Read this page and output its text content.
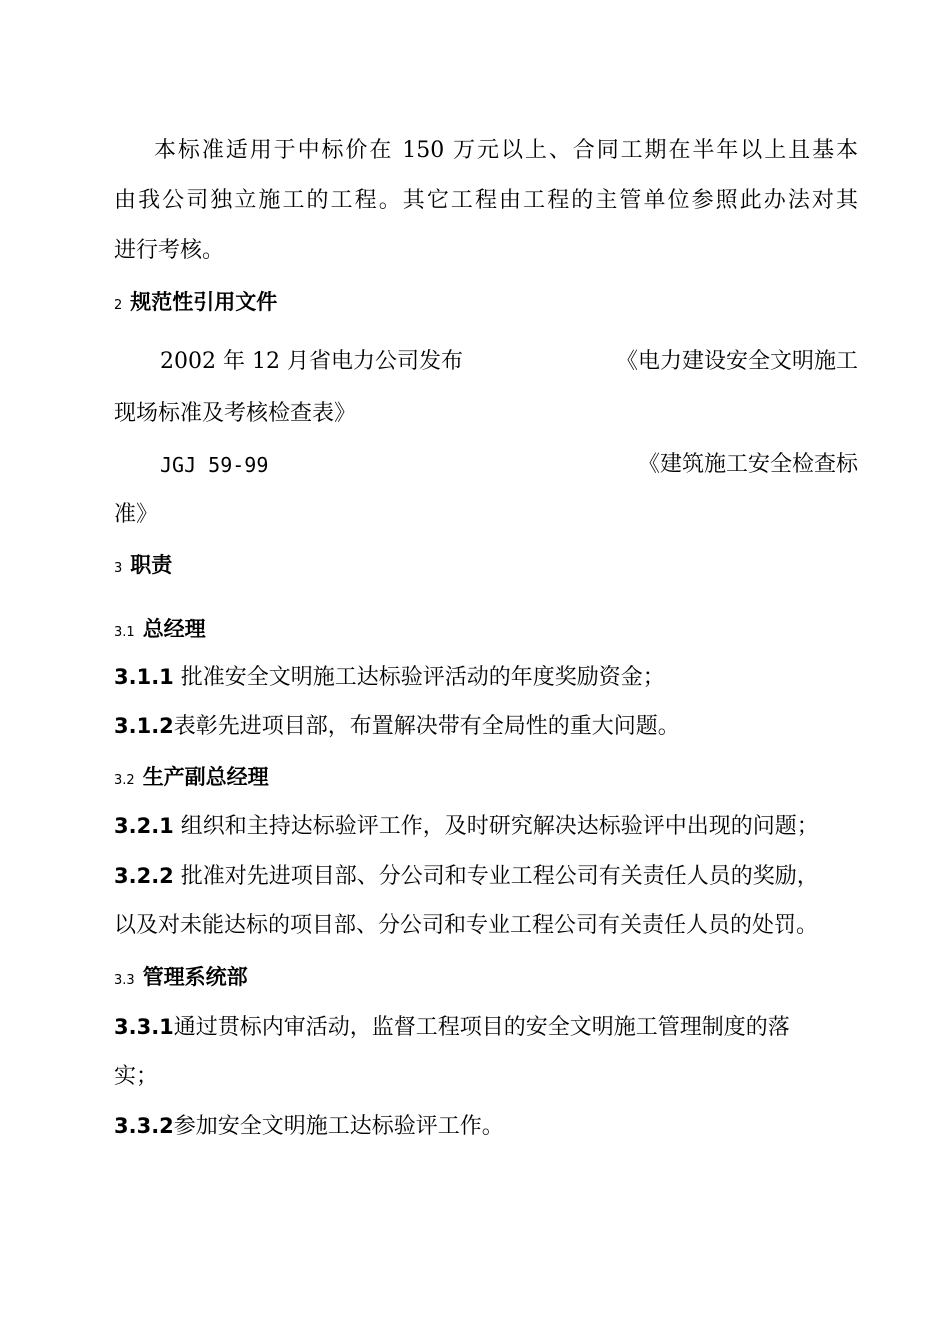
本标准适用于中标价在 150 万元以上、合同工期在半年以上且基本

由我公司独立施工的工程。其它工程由工程的主管单位参照此办法对其

进行考核。

2 规范性引用文件

2002 年 12 月省电力公司发布	《电力建设安全文明施工

现场标准及考核检查表》

JGJ 59-99	《建筑施工安全检查标

准》

3 职责

3.1 总经理

3.1.1 批准安全文明施工达标验评活动的年度奖励资金；

3.1.2表彰先进项目部，布置解决带有全局性的重大问题。

3.2 生产副总经理

3.2.1 组织和主持达标验评工作，及时研究解决达标验评中出现的问题；

3.2.2 批准对先进项目部、分公司和专业工程公司有关责任人员的奖励，

以及对未能达标的项目部、分公司和专业工程公司有关责任人员的处罚。

3.3 管理系统部

3.3.1通过贯标内审活动，监督工程项目的安全文明施工管理制度的落

实；

3.3.2参加安全文明施工达标验评工作。
